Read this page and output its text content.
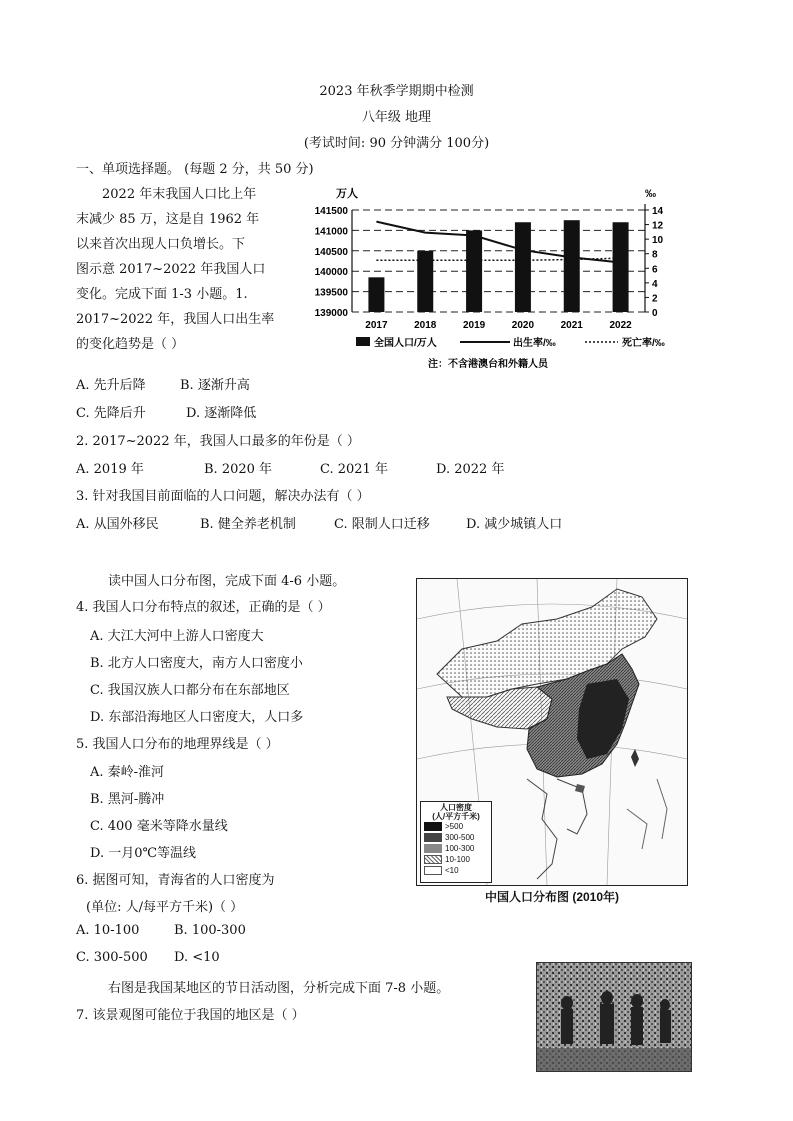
2023 年秋季学期期中检测
八年级 地理
(考试时间: 90 分钟满分 100分)
一、单项选择题。 (每题 2 分，共 50 分)
2022 年末我国人口比上年
末减少 85 万，这是自 1962 年
以来首次出现人口负增长。下
图示意 2017~2022 年我国人口
变化。完成下面 1-3 小题。1.
2017~2022 年，我国人口出生率
的变化趋势是（ ）
万人	‰
141500
141000
140500
140000
139500
139000
14
12
10
8
6
4
2
0
2017	2018	2019	2020	2021	2022
全国人口/万人	出生率/‰	死亡率/‰
注：不含港澳台和外籍人员
A. 先升后降	B. 逐渐升高
C. 先降后升	D. 逐渐降低
2. 2017~2022 年，我国人口最多的年份是（ ）
A. 2019 年	B. 2020 年	C. 2021 年	D. 2022 年
3. 针对我国目前面临的人口问题，解决办法有（ ）
A. 从国外移民	B. 健全养老机制	C. 限制人口迁移	D. 减少城镇人口
读中国人口分布图，完成下面 4-6 小题。
4. 我国人口分布特点的叙述，正确的是（ ）
A. 大江大河中上游人口密度大
B. 北方人口密度大，南方人口密度小
C. 我国汉族人口都分布在东部地区
D. 东部沿海地区人口密度大，人口多
5. 我国人口分布的地理界线是（ ）
A. 秦岭-淮河
B. 黑河-腾冲
C. 400 毫米等降水量线
D. 一月0℃等温线
6. 据图可知，青海省的人口密度为
(单位: 人/每平方千米)（ ）
A. 10-100	B. 100-300
C. 300-500 D. <10
人口密度
(人/平方千米)
>500
300-500
100-300
10-100
<10
中国人口分布图 (2010年)
右图是我国某地区的节日活动图，分析完成下面 7-8 小题。
7. 该景观图可能位于我国的地区是（ ）
